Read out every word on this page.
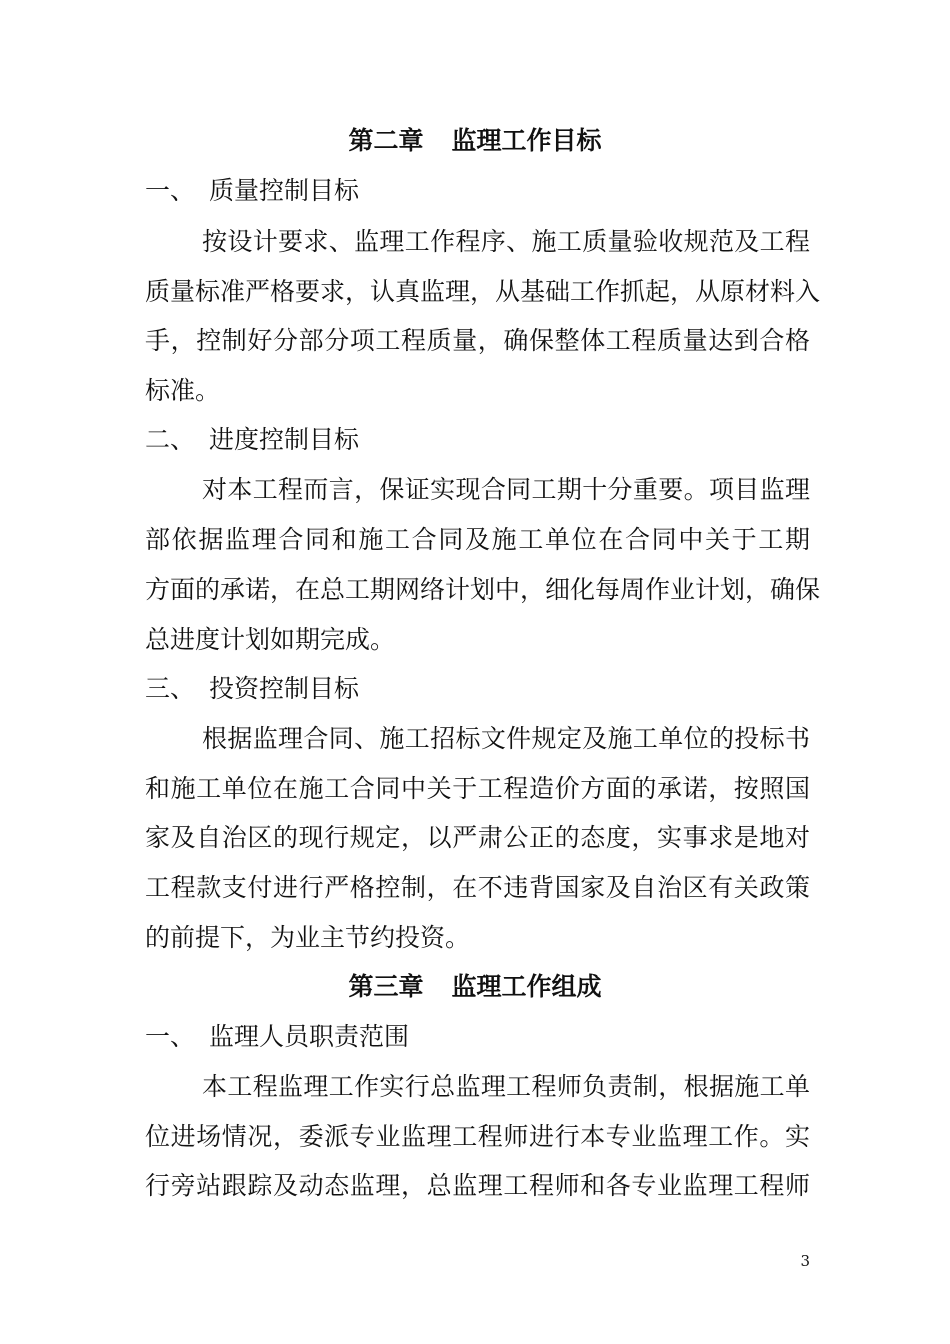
第二章 监理工作目标
一、 质量控制目标
按设计要求、监理工作程序、施工质量验收规范及工程
质量标准严格要求，认真监理，从基础工作抓起，从原材料入
手，控制好分部分项工程质量，确保整体工程质量达到合格
标准。
二、 进度控制目标
对本工程而言，保证实现合同工期十分重要。项目监理
部依据监理合同和施工合同及施工单位在合同中关于工期
方面的承诺，在总工期网络计划中，细化每周作业计划，确保
总进度计划如期完成。
三、 投资控制目标
根据监理合同、施工招标文件规定及施工单位的投标书
和施工单位在施工合同中关于工程造价方面的承诺，按照国
家及自治区的现行规定，以严肃公正的态度，实事求是地对
工程款支付进行严格控制，在不违背国家及自治区有关政策
的前提下，为业主节约投资。
第三章 监理工作组成
一、 监理人员职责范围
本工程监理工作实行总监理工程师负责制，根据施工单
位进场情况，委派专业监理工程师进行本专业监理工作。实
行旁站跟踪及动态监理，总监理工程师和各专业监理工程师
3
